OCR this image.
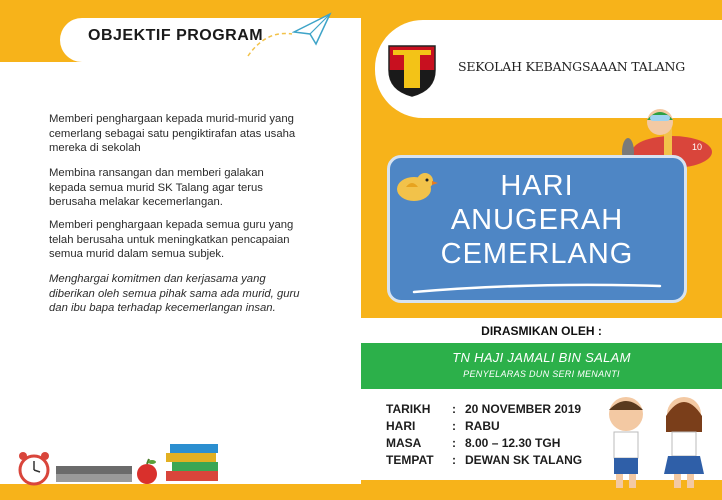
OBJEKTIF PROGRAM
Memberi penghargaan kepada murid-murid yang
cemerlang sebagai satu pengiktirafan atas usaha
mereka di sekolah
Membina ransangan dan memberi galakan
kepada semua murid SK Talang agar terus
berusaha melakar kecemerlangan.
Memberi penghargaan kepada semua guru yang
telah berusaha untuk meningkatkan pencapaian
semua murid dalam semua subjek.
Menghargai komitmen dan kerjasama yang
diberikan oleh semua pihak sama ada murid, guru
dan ibu bapa terhadap kecemerlangan insan.
SEKOLAH KEBANGSAAAN TALANG
10
HARI
ANUGERAH
CEMERLANG
DIRASMIKAN OLEH :
TN HAJI JAMALI BIN SALAM
PENYELARAS DUN SERI MENANTI
TARIKH : 20 NOVEMBER 2019
HARI	: RABU
MASA	: 8.00 – 12.30 TGH
TEMPAT : DEWAN SK TALANG
